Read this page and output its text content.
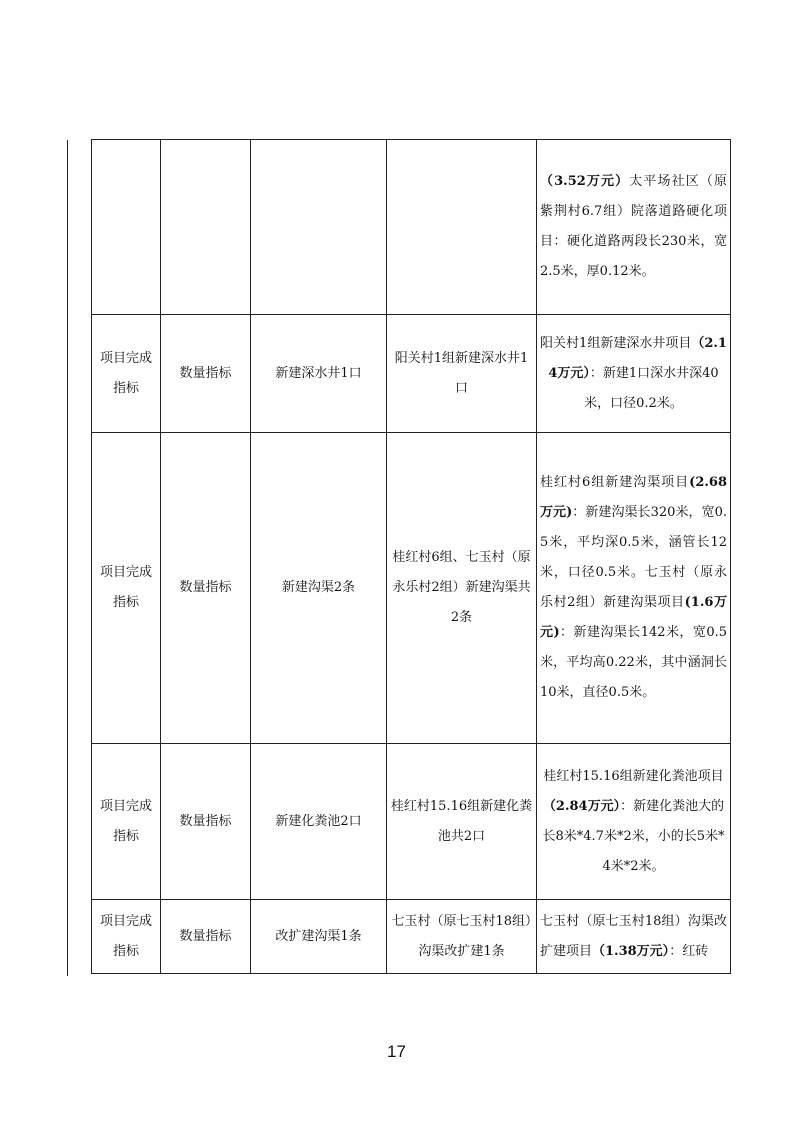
				（3.52万元）太平场社区（原紫荆村6.7组）院落道路硬化项目：硬化道路两段长230米，宽2.5米，厚0.12米。
项目完成指标	数量指标	新建深水井1口	阳关村1组新建深水井1口	阳关村1组新建深水井项目（2.14万元）：新建1口深水井深40米，口径0.2米。
项目完成指标	数量指标	新建沟渠2条	桂红村6组、七玉村（原永乐村2组）新建沟渠共2条	桂红村6组新建沟渠项目(2.68万元)：新建沟渠长320米，宽0.5米，平均深0.5米，涵管长12米，口径0.5米。七玉村（原永乐村2组）新建沟渠项目(1.6万元)：新建沟渠长142米，宽0.5米，平均高0.22米，其中涵洞长10米，直径0.5米。
项目完成指标	数量指标	新建化粪池2口	桂红村15.16组新建化粪池共2口	桂红村15.16组新建化粪池项目（2.84万元）：新建化粪池大的长8米*4.7米*2米，小的长5米*4米*2米。
项目完成指标	数量指标	改扩建沟渠1条	七玉村（原七玉村18组）沟渠改扩建1条	七玉村（原七玉村18组）沟渠改扩建项目（1.38万元）：红砖
17
